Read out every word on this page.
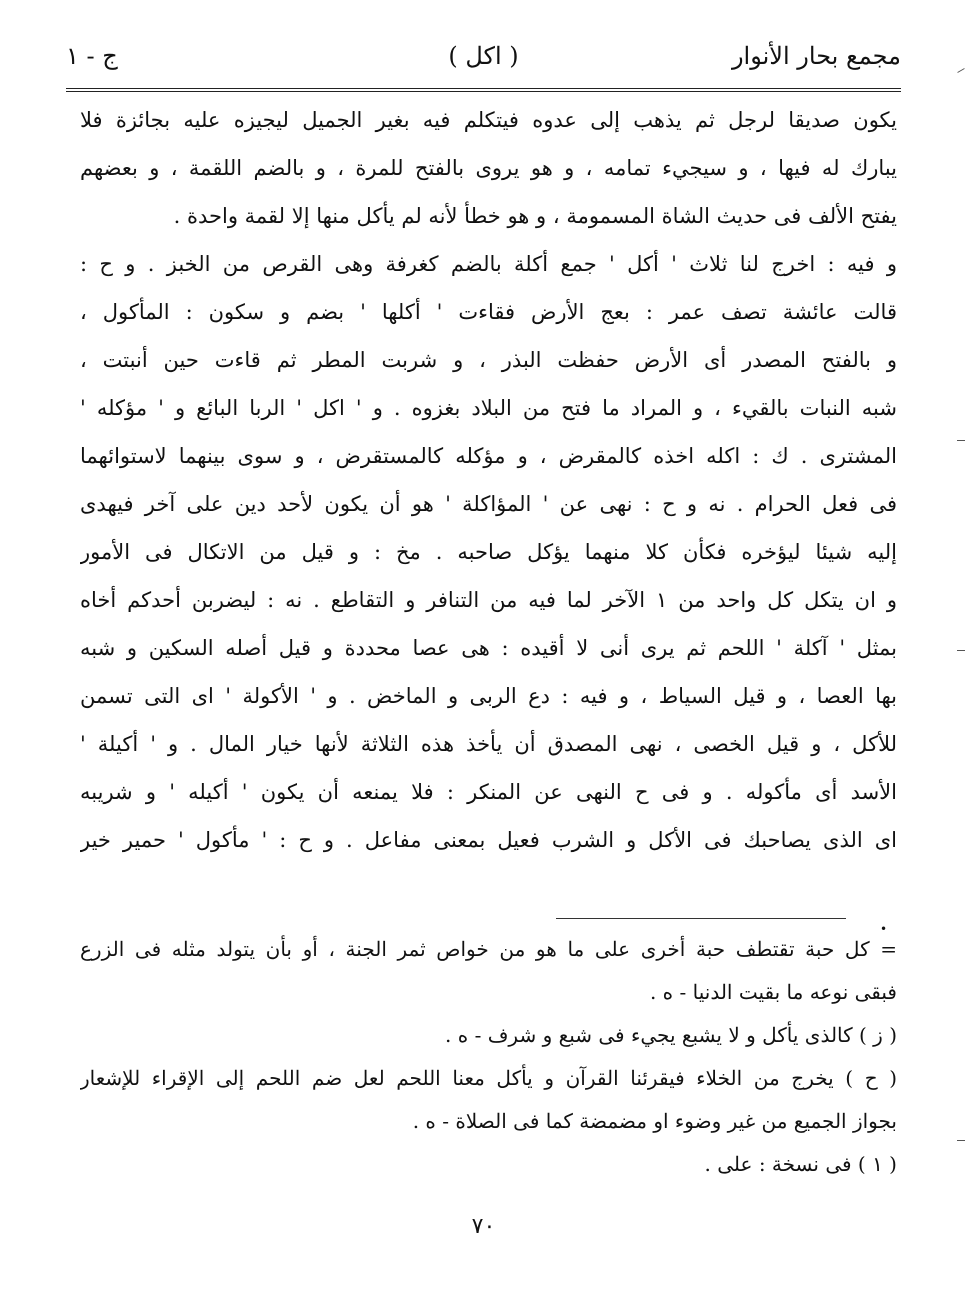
مجمع بحار الأنوار
( اكل )
ج - ١
يكون صديقا لرجل ثم يذهب إلى عدوه فيتكلم فيه بغير الجميل ليجيزه عليه بجائزة فلا
يبارك له فيها ، و سيجيء تمامه ، و هو يروى بالفتح للمرة ، و بالضم اللقمة ، و بعضهم
يفتح الألف فى حديث الشاة المسمومة ، و هو خطأ لأنه لم يأكل منها إلا لقمة واحدة .
و فيه : اخرج لنا ثلاث ' أكل ' جمع أكلة بالضم كغرفة وهى القرص من الخبز . و ح :
قالت عائشة تصف عمر : بعج الأرض فقاءت ' أكلها ' بضم و سكون : المأكول ،
و بالفتح المصدر أى الأرض حفظت البذر ، و شربت المطر ثم قاءت حين أنبتت ،
شبه النبات بالقيء ، و المراد ما فتح من البلاد بغزوه . و ' اكل ' الربا البائع و ' مؤكله '
المشترى . ك : اكله اخذه كالمقرض ، و مؤكله كالمستقرض ، و سوى بينهما لاستوائهما
فى فعل الحرام . نه و ح : نهى عن ' المؤاكلة ' هو أن يكون لأحد دين على آخر فيهدى
إليه شيئا ليؤخره فكأن كلا منهما يؤكل صاحبه . مخ : و قيل من الاتكال فى الأمور
و ان يتكل كل واحد من ١ الآخر لما فيه من التنافر و التقاطع . نه : ليضربن أحدكم أخاه
بمثل ' آكلة ' اللحم ثم يرى أنى لا أقيده : هى عصا محددة و قيل أصله السكين و شبه
بها العصا ، و قيل السياط ، و فيه : دع الربى و الماخض . و ' الأكولة ' اى التى تسمن
للأكل ، و قيل الخصى ، نهى المصدق أن يأخذ هذه الثلاثة لأنها خيار المال . و ' أكيلة '
الأسد أى مأكوله . و فى ح النهى عن المنكر : فلا يمنعه أن يكون ' أكيله ' و شريبه
اى الذى يصاحبك فى الأكل و الشرب فعيل بمعنى مفاعل . و ح : ' مأكول ' حمير خير
•
= كل حبة تقتطف حبة أخرى على ما هو من خواص ثمر الجنة ، أو بأن يتولد مثله فى الزرع
فبقى نوعه ما بقيت الدنيا - ه .
( ز ) كالذى يأكل و لا يشبع يجيء فى شبع و شرف - ه .
( ح ) يخرج من الخلاء فيقرئنا القرآن و يأكل معنا اللحم لعل ضم اللحم إلى الإقراء للإشعار
بجواز الجميع من غير وضوء او مضمضة كما فى الصلاة - ه .
( ١ ) فى نسخة : على .
٧٠
